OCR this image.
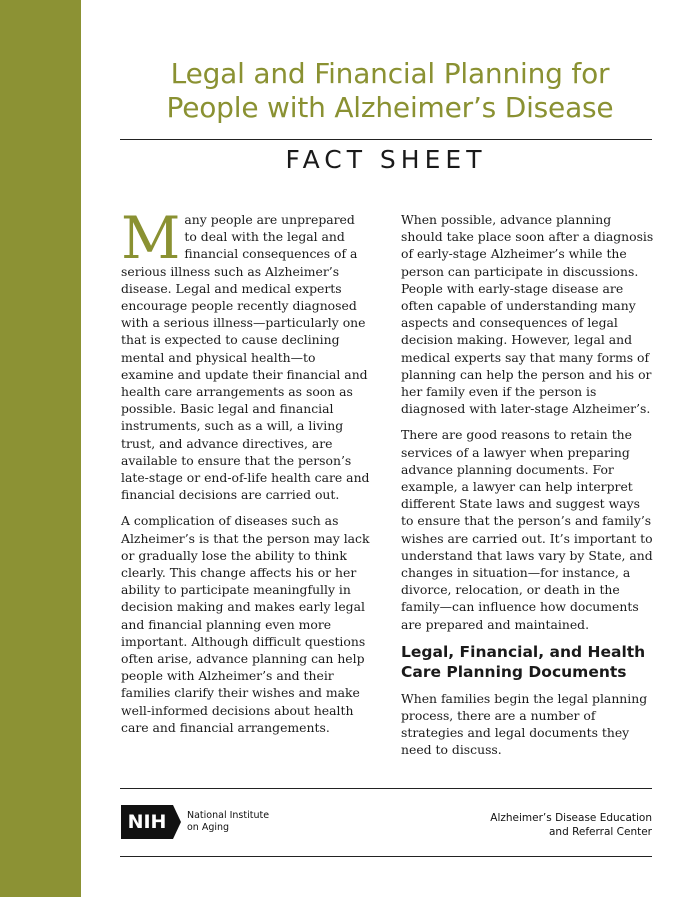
Legal and Financial Planning for
People with Alzheimer’s Disease
FACT SHEET

Many people are unprepared to deal with the legal and financial consequences of a serious illness such as Alzheimer’s disease. Legal and medical experts encourage people recently diagnosed with a serious illness—particularly one that is expected to cause declining mental and physical health—to examine and update their financial and health care arrangements as soon as possible. Basic legal and financial instruments, such as a will, a living trust, and advance directives, are available to ensure that the person’s late-stage or end-of-life health care and financial decisions are carried out.

A complication of diseases such as Alzheimer’s is that the person may lack or gradually lose the ability to think clearly. This change affects his or her ability to participate meaningfully in decision making and makes early legal and financial planning even more important. Although difficult questions often arise, advance planning can help people with Alzheimer’s and their families clarify their wishes and make well-informed decisions about health care and financial arrangements.

When possible, advance planning should take place soon after a diagnosis of early-stage Alzheimer’s while the person can participate in discussions. People with early-stage disease are often capable of understanding many aspects and consequences of legal decision making. However, legal and medical experts say that many forms of planning can help the person and his or her family even if the person is diagnosed with later-stage Alzheimer’s.

There are good reasons to retain the services of a lawyer when preparing advance planning documents. For example, a lawyer can help interpret different State laws and suggest ways to ensure that the person’s and family’s wishes are carried out. It’s important to understand that laws vary by State, and changes in situation—for instance, a divorce, relocation, or death in the family—can influence how documents are prepared and maintained.

Legal, Financial, and Health Care Planning Documents

When families begin the legal planning process, there are a number of strategies and legal documents they need to discuss.

NIH	National Institute
on Aging
Alzheimer’s Disease Education
and Referral Center
